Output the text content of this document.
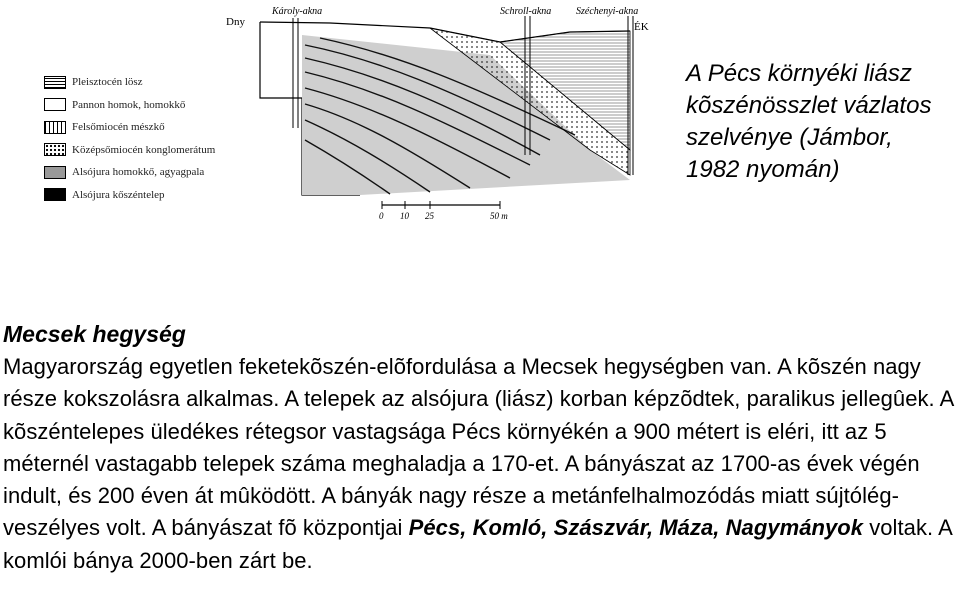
Dny	ÉK
Károly-akna	Schroll-akna Széchenyi-akna
0 10 25	50 m
Pleisztocén lösz
Pannon homok, homokkő
Felsőmiocén mészkő
Középsőmiocén konglomerátum
Alsójura homokkő, agyagpala
Alsójura kőszéntelep
A Pécs környéki liász
kõszénösszlet vázlatos
szelvénye (Jámbor,
1982 nyomán)

Mecsek hegység

Magyarország egyetlen feketekõszén-elõfordulása a Mecsek hegységben van. A kõszén nagy része kokszolásra alkalmas. A telepek az alsójura (liász) korban képzõdtek, paralikus jellegûek. A kõszéntelepes üledékes rétegsor vastagsága Pécs környékén a 900 métert is eléri, itt az 5 méternél vastagabb telepek száma meghaladja a 170-et. A bányászat az 1700-as évek végén indult, és 200 éven át mûködött. A bányák nagy része a metánfelhalmozódás miatt sújtólég-veszélyes volt. A bányászat fõ központjai Pécs, Komló, Szászvár, Máza, Nagymányok voltak. A komlói bánya 2000-ben zárt be.
